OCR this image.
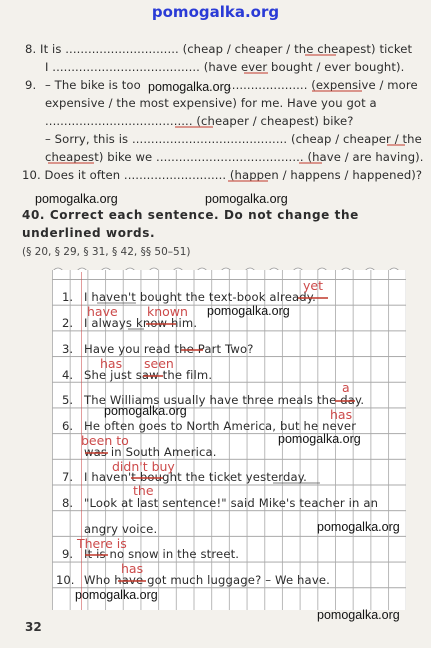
pomogalka.org
8. It is .............................. (cheap / cheaper / the cheapest) ticket
I ....................................... (have ever bought / ever bought).
9. – The bike is too	..................... (expensive / more
expensive / the most expensive) for me. Have you got a
....................................... (cheaper / cheapest) bike?
– Sorry, this is ......................................... (cheap / cheaper / the
cheapest) bike we ....................................... (have / are having).
10. Does it often ........................... (happen / happens / happened)?
40. Correct each sentence. Do not change the
underlined words.
(§ 20, § 29, § 31, § 42, §§ 50–51)
1. I haven't bought the text-book already.
2. I always know him.
3. Have you read the Part Two?
4. She just saw the film.
5. The Williams usually have three meals the day.
6. He often goes to North America, but he never
was in South America.
7. I haven't bought the ticket yesterday.
8. "Look at last sentence!" said Mike's teacher in an
angry voice.
9. It is no snow in the street.
10. Who have got much luggage? – We have.
yet
have known
has seen
a
has
been to
didn't buy
the
There is
has
pomogalka.org
pomogalka.org	pomogalka.org
pomogalka.org
pomogalka.org
pomogalka.org
pomogalka.org
pomogalka.org
pomogalka.org
32
